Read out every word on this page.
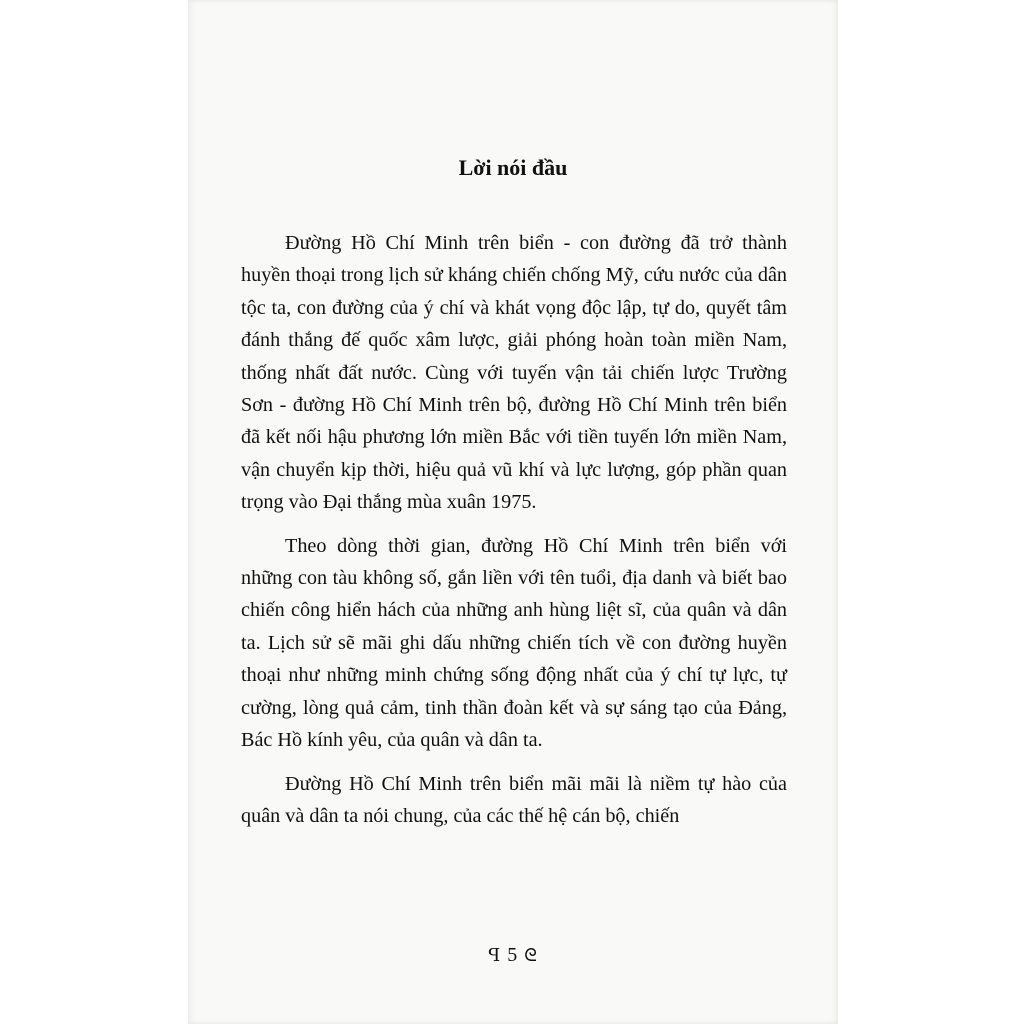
Lời nói đầu

Đường Hồ Chí Minh trên biển - con đường đã trở thành huyền thoại trong lịch sử kháng chiến chống Mỹ, cứu nước của dân tộc ta, con đường của ý chí và khát vọng độc lập, tự do, quyết tâm đánh thắng đế quốc xâm lược, giải phóng hoàn toàn miền Nam, thống nhất đất nước. Cùng với tuyến vận tải chiến lược Trường Sơn - đường Hồ Chí Minh trên bộ, đường Hồ Chí Minh trên biển đã kết nối hậu phương lớn miền Bắc với tiền tuyến lớn miền Nam, vận chuyển kịp thời, hiệu quả vũ khí và lực lượng, góp phần quan trọng vào Đại thắng mùa xuân 1975.

Theo dòng thời gian, đường Hồ Chí Minh trên biển với những con tàu không số, gắn liền với tên tuổi, địa danh và biết bao chiến công hiển hách của những anh hùng liệt sĩ, của quân và dân ta. Lịch sử sẽ mãi ghi dấu những chiến tích về con đường huyền thoại như những minh chứng sống động nhất của ý chí tự lực, tự cường, lòng quả cảm, tinh thần đoàn kết và sự sáng tạo của Đảng, Bác Hồ kính yêu, của quân và dân ta.

Đường Hồ Chí Minh trên biển mãi mãi là niềm tự hào của quân và dân ta nói chung, của các thế hệ cán bộ, chiến

ꟼ 5 ᘓ
